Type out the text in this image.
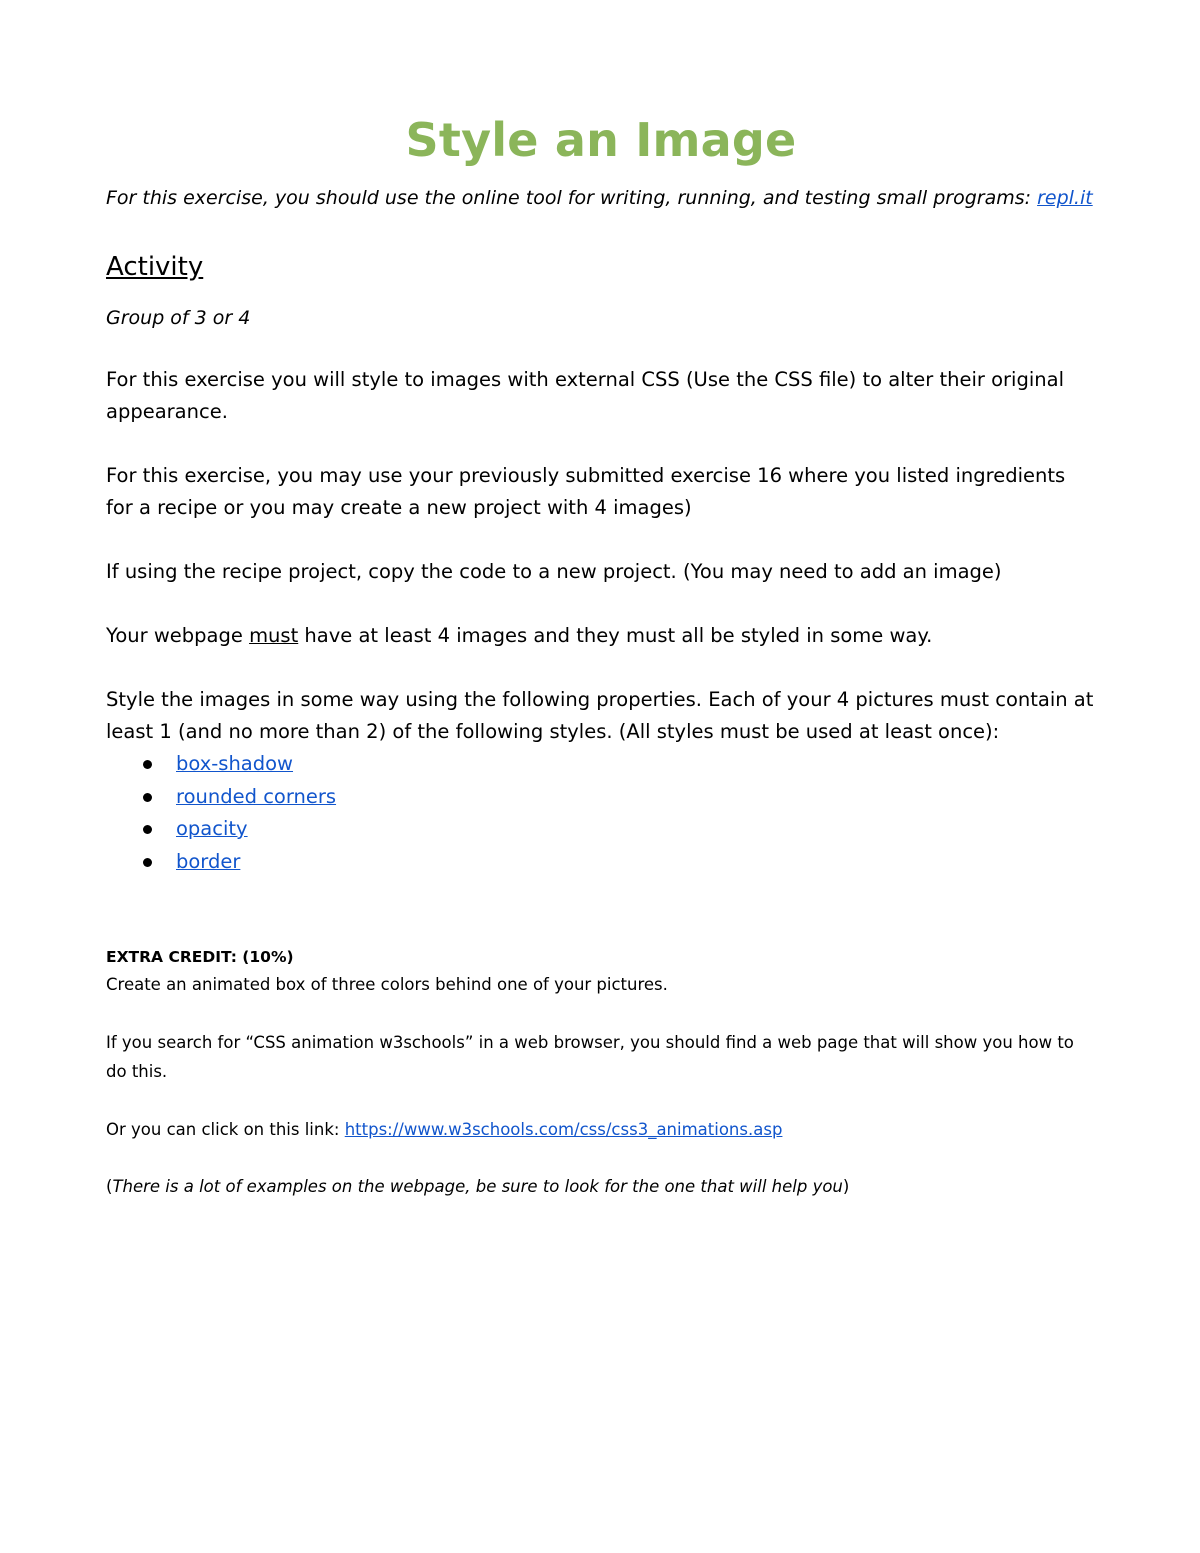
Style an Image
For this exercise, you should use the online tool for writing, running, and testing small programs: repl.it
Activity
Group of 3 or 4
For this exercise you will style to images with external CSS (Use the CSS file) to alter their original appearance.
For this exercise, you may use your previously submitted exercise 16 where you listed ingredients for a recipe or you may create a new project with 4 images)
If using the recipe project, copy the code to a new project. (You may need to add an image)
Your webpage must have at least 4 images and they must all be styled in some way.
Style the images in some way using the following properties. Each of your 4 pictures must contain at least 1 (and no more than 2) of the following styles. (All styles must be used at least once):
box-shadow
rounded corners
opacity
border
EXTRA CREDIT: (10%)
Create an animated box of three colors behind one of your pictures.
If you search for “CSS animation w3schools” in a web browser, you should find a web page that will show you how to do this.
Or you can click on this link: https://www.w3schools.com/css/css3_animations.asp
(There is a lot of examples on the webpage, be sure to look for the one that will help you)
